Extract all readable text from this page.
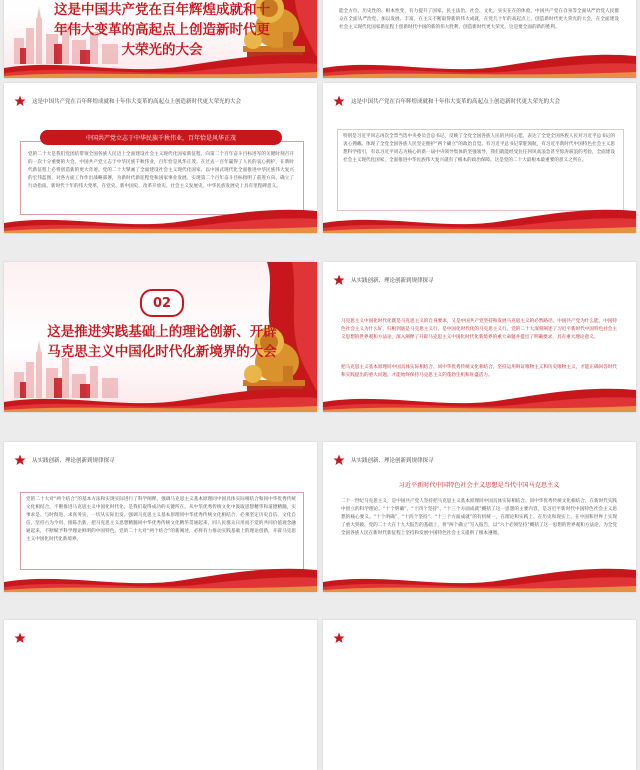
这是中国共产党在百年辉煌成就和十年伟大变革的高起点上创造新时代更大荣光的大会
能全方位、历史性的、根本性变，有力提升了国家、民主法治、社会、文化，实实在在的体验，中国共产党在自身等全面从严治党人民群众在全面从严治党、加以发展、丰富，在主义不断取得新的伟大成就，在党几十年的高起点上，创造新时代更大荣光的大会，在全面建设社会主义现代化国家新征程上创新时代中国的新的伟大胜利，创造新时代更大荣光，这是要全面的新的胜利。
这是中国共产党在百年辉煌成就和十年伟大变革的高起点上创造新时代更大荣光的大会
中国共产党立志于中华民族千秋伟业，百年恰是风华正茂
党的二十大是我们党团结带领全国各族人民迈上全面建设社会主义现代化国家新征程、向第二个百年奋斗目标进军的关键时刻召开的一次十分重要的大会。中国共产党立志于中华民族千秋伟业，百年恰是风华正茂。在过去一百年赢得了人民的衷心拥护，在新时代新征程上必将创造新的更大奇迹。党的二十大擘画了全面建设社会主义现代化国家、以中国式现代化全面推进中华民族伟大复兴的宏伟蓝图，对各方面工作作出战略部署，为新时代新征程党和国家事业发展、实现第二个百年奋斗目标指明了前进方向、确立了行动指南。新时代十年的伟大变革，在党史、新中国史、改革开放史、社会主义发展史、中华民族发展史上具有里程碑意义。
这是中国共产党在百年辉煌成就和十年伟大变革的高起点上创造新时代更大荣光的大会
特别是习近平同志再次全票当选中央委员会总书记，反映了全党全国各族人民的共同心愿，表达了全党全国各族人民对习近平总书记的衷心拥戴。体现了全党全国各族人民坚定拥护“两个确立”的政治自觉。有习近平总书记掌舵领航，有习近平新时代中国特色社会主义思想科学指引，有以习近平同志为核心的新一届中央领导集体的坚强领导，我们就能经受住任何风高浪急甚至惊涛骇浪的考验，全面建设社会主义现代化国家，全面推进中华民族伟大复兴就有了根本的政治保障。这是党的二十大最根本最重要的意义之所在。
02
这是推进实践基础上的理论创新、开辟马克思主义中国化时代化新境界的大会
从实践创新、理论创新到规律探寻
马克思主义中国化时代化既是马克思主义的自身要求，又是中国共产党坚持和发展马克思主义的必然路径。中国共产党为什么能，中国特色社会主义为什么好，归根到底是马克思主义行、是中国化时代化的马克思主义行。党的二十大深刻阐述了习近平新时代中国特色社会主义思想的世界观和方法论，深入阐释了开辟马克思主义中国化时代化新境界的重大命题并提出了明确要求，具有重大理论意义。
把马克思主义基本原理同中国具体实际相结合、同中华优秀传统文化相结合，坚持运用辩证唯物主义和历史唯物主义，才能正确回答时代和实践提出的重大问题，才能始终保持马克思主义的蓬勃生机和旺盛活力。
从实践创新、理论创新到规律探寻
党的二十大对“两个结合”的基本方法和实现实际进行了科学阐释，强调马克思主义基本原理同中国具体实际相结合和同中华优秀传统文化相结合，不断推进马克思主义中国化时代化，是我们取得成功的关键所在。从中华优秀传统文化中汲取思想精华和道德精髓，实事求是、与时俱进、求真务实，一切从实际出发。强调马克思主义基本原理同中华优秀传统文化相结合，必须坚定历史自信、文化自信，坚持古为今用、推陈出新，把马克思主义思想精髓同中华优秀传统文化精华贯通起来，同人民群众日用而不觉的共同价值观念融通起来，不断赋予科学理论鲜明的中国特色。党的二十大对“两个结合”的新阐述，必将有力推动实践基础上的理论创新，开辟马克思主义中国化时代化新境界。
从实践创新、理论创新到规律探寻
习近平新时代中国特色社会主义思想是当代中国马克思主义
二十一世纪马克思主义，是中国共产党人坚持把马克思主义基本原理同中国具体实际相结合、同中华优秀传统文化相结合，在新时代实践中创立的科学理论。“十个明确”、“十四个坚持”、“十三个方面成就”概括了这一思想的主要内容，是习近平新时代中国特色社会主义思想的核心要义。“十个明确”、“十四个坚持”、“十三个方面成就”的有机统一，在理论和实践上、在历史和现实上、在中国和世界上实现了重大突破。党的二十大在十九大报告的基础上，将“两个确立”写入报告，以“六个必须坚持”概括了这一思想的世界观和方法论，为全党全国各族人民在新时代新征程上坚持和发展中国特色社会主义提供了根本遵循。
